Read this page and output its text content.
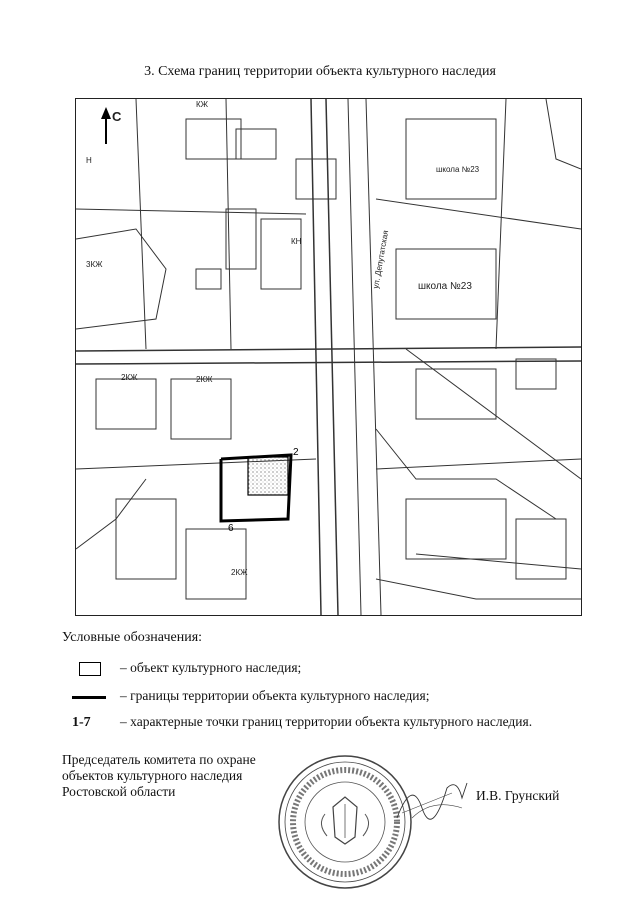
3. Схема границ территории объекта культурного наследия
С
школа №23
школа №23
КЖ
2КЖ	2КЖ
3КЖ
2КЖ
Н
КН	ул. Депутатская
2
6
Условные обозначения:
– объект культурного наследия;
– границы территории объекта культурного наследия;
1-7	– характерные точки границ территории объекта культурного наследия.
Председатель комитета по охране
объектов культурного наследия
Ростовской области	И.В. Грунский
